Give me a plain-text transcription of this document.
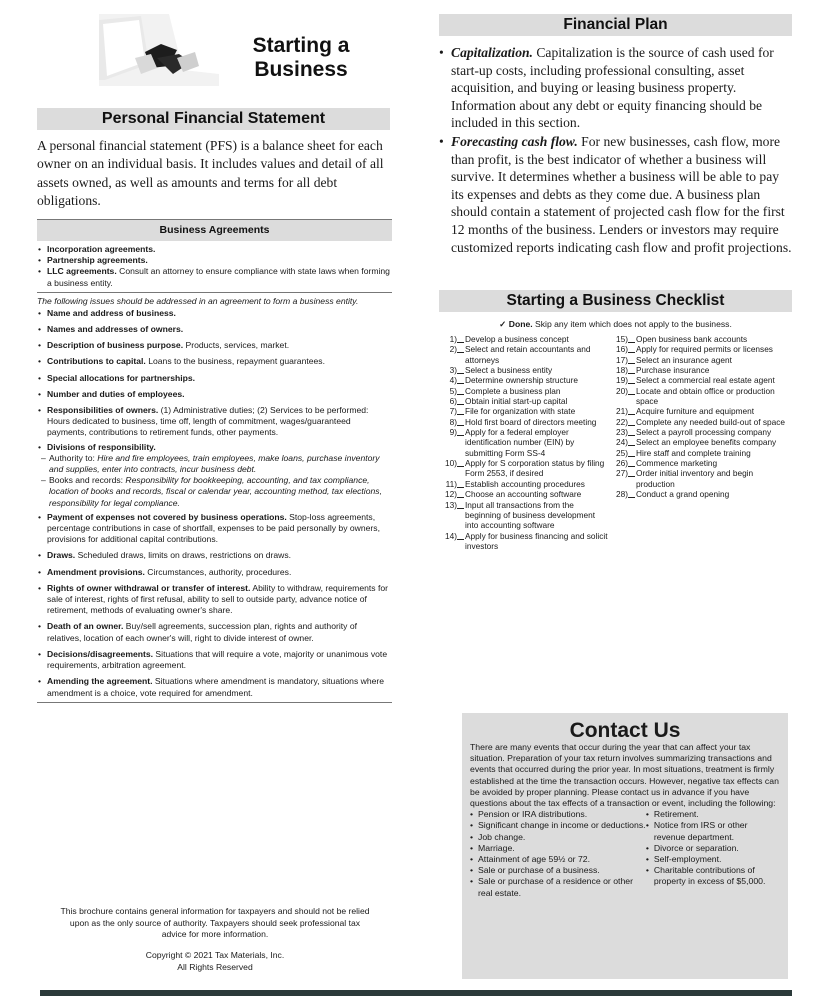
Starting a Business
Personal Financial Statement
A personal financial statement (PFS) is a balance sheet for each owner on an individual basis. It includes values and detail of all assets owned, as well as amounts and terms for all debt obligations.
Business Agreements
• Incorporation agreements.
• Partnership agreements.
• LLC agreements. Consult an attorney to ensure compliance with state laws when forming a business entity.

The following issues should be addressed in an agreement to form a business entity.

• Name and address of business.
• Names and addresses of owners.
• Description of business purpose. Products, services, market.
• Contributions to capital. Loans to the business, repayment guarantees.
• Special allocations for partnerships.
• Number and duties of employees.
• Responsibilities of owners. (1) Administrative duties; (2) Services to be performed: Hours dedicated to business, time off, length of commitment, wages/guaranteed payments, contributions to retirement funds, other payments.
• Divisions of responsibility.
– Authority to: Hire and fire employees, train employees, make loans, purchase inventory and supplies, enter into contracts, incur business debt.
– Books and records: Responsibility for bookkeeping, accounting, and tax compliance, location of books and records, fiscal or calendar year, accounting method, tax elections, responsibility for legal compliance.
• Payment of expenses not covered by business operations. Stop-loss agreements, percentage contributions in case of shortfall, expenses to be paid personally by owners, provisions for additional capital contributions.
• Draws. Scheduled draws, limits on draws, restrictions on draws.
• Amendment provisions. Circumstances, authority, procedures.
• Rights of owner withdrawal or transfer of interest. Ability to withdraw, requirements for sale of interest, rights of first refusal, ability to sell to outside party, advance notice of retirement, methods of evaluating owner's share.
• Death of an owner. Buy/sell agreements, succession plan, rights and authority of relatives, location of each owner's will, right to divide interest of owner.
• Decisions/disagreements. Situations that will require a vote, majority or unanimous vote requirements, arbitration agreement.
• Amending the agreement. Situations where amendment is mandatory, situations where amendment is a choice, vote required for amendment.
This brochure contains general information for taxpayers and should not be relied upon as the only source of authority. Taxpayers should seek professional tax advice for more information.
Copyright © 2021 Tax Materials, Inc.
All Rights Reserved
Financial Plan
• Capitalization. Capitalization is the source of cash used for start-up costs, including professional consulting, asset acquisition, and buying or leasing business property. Information about any debt or equity financing should be included in this section.
• Forecasting cash flow. For new businesses, cash flow, more than profit, is the best indicator of whether a business will survive. It determines whether a business will be able to pay its expenses and debts as they come due. A business plan should contain a statement of projected cash flow for the first 12 months of the business. Lenders or investors may require customized reports indicating cash flow and profit projections.
Starting a Business Checklist
✓ Done. Skip any item which does not apply to the business.
1) Develop a business concept
2) Select and retain accountants and attorneys
3) Select a business entity
4) Determine ownership structure
5) Complete a business plan
6) Obtain initial start-up capital
7) File for organization with state
8) Hold first board of directors meeting
9) Apply for a federal employer identification number (EIN) by submitting Form SS-4
10) Apply for S corporation status by filing Form 2553, if desired
11) Establish accounting procedures
12) Choose an accounting software
13) Input all transactions from the beginning of business development into accounting software
14) Apply for business financing and solicit investors
15) Open business bank accounts
16) Apply for required permits or licenses
17) Select an insurance agent
18) Purchase insurance
19) Select a commercial real estate agent
20) Locate and obtain office or production space
21) Acquire furniture and equipment
22) Complete any needed build-out of space
23) Select a payroll processing company
24) Select an employee benefits company
25) Hire staff and complete training
26) Commence marketing
27) Order initial inventory and begin production
28) Conduct a grand opening
Contact Us
There are many events that occur during the year that can affect your tax situation. Preparation of your tax return involves summarizing transactions and events that occurred during the prior year. In most situations, treatment is firmly established at the time the transaction occurs. However, negative tax effects can be avoided by proper planning. Please contact us in advance if you have questions about the tax effects of a transaction or event, including the following:
• Pension or IRA distributions.
• Significant change in income or deductions.
• Job change.
• Marriage.
• Attainment of age 59½ or 72.
• Sale or purchase of a business.
• Sale or purchase of a residence or other real estate.
• Retirement.
• Notice from IRS or other revenue department.
• Divorce or separation.
• Self-employment.
• Charitable contributions of property in excess of $5,000.
